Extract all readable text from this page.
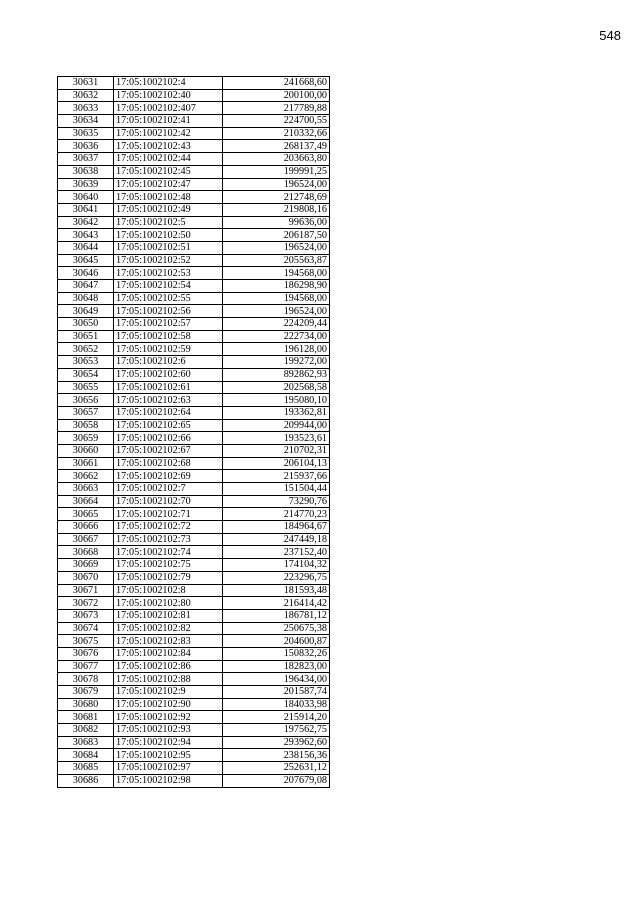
548
30631	17:05:1002102:4	241668,60
30632	17:05:1002102:40	200100,00
30633	17:05:1002102:407	217789,88
30634	17:05:1002102:41	224700,55
30635	17:05:1002102:42	210332,66
30636	17:05:1002102:43	268137,49
30637	17:05:1002102:44	203663,80
30638	17:05:1002102:45	199991,25
30639	17:05:1002102:47	196524,00
30640	17:05:1002102:48	212748,69
30641	17:05:1002102:49	219808,16
30642	17:05:1002102:5	99636,00
30643	17:05:1002102:50	206187,50
30644	17:05:1002102:51	196524,00
30645	17:05:1002102:52	205563,87
30646	17:05:1002102:53	194568,00
30647	17:05:1002102:54	186298,90
30648	17:05:1002102:55	194568,00
30649	17:05:1002102:56	196524,00
30650	17:05:1002102:57	224209,44
30651	17:05:1002102:58	222734,00
30652	17:05:1002102:59	196128,00
30653	17:05:1002102:6	199272,00
30654	17:05:1002102:60	892862,93
30655	17:05:1002102:61	202568,58
30656	17:05:1002102:63	195080,10
30657	17:05:1002102:64	193362,81
30658	17:05:1002102:65	209944,00
30659	17:05:1002102:66	193523,61
30660	17:05:1002102:67	210702,31
30661	17:05:1002102:68	206104,13
30662	17:05:1002102:69	215937,66
30663	17:05:1002102:7	151504,44
30664	17:05:1002102:70	73290,76
30665	17:05:1002102:71	214770,23
30666	17:05:1002102:72	184964,67
30667	17:05:1002102:73	247449,18
30668	17:05:1002102:74	237152,40
30669	17:05:1002102:75	174104,32
30670	17:05:1002102:79	223296,75
30671	17:05:1002102:8	181593,48
30672	17:05:1002102:80	216414,42
30673	17:05:1002102:81	186781,12
30674	17:05:1002102:82	250675,38
30675	17:05:1002102:83	204600,87
30676	17:05:1002102:84	150832,26
30677	17:05:1002102:86	182823,00
30678	17:05:1002102:88	196434,00
30679	17:05:1002102:9	201587,74
30680	17:05:1002102:90	184033,98
30681	17:05:1002102:92	215914,20
30682	17:05:1002102:93	197562,75
30683	17:05:1002102:94	293962,60
30684	17:05:1002102:95	238156,36
30685	17:05:1002102:97	252631,12
30686	17:05:1002102:98	207679,08
